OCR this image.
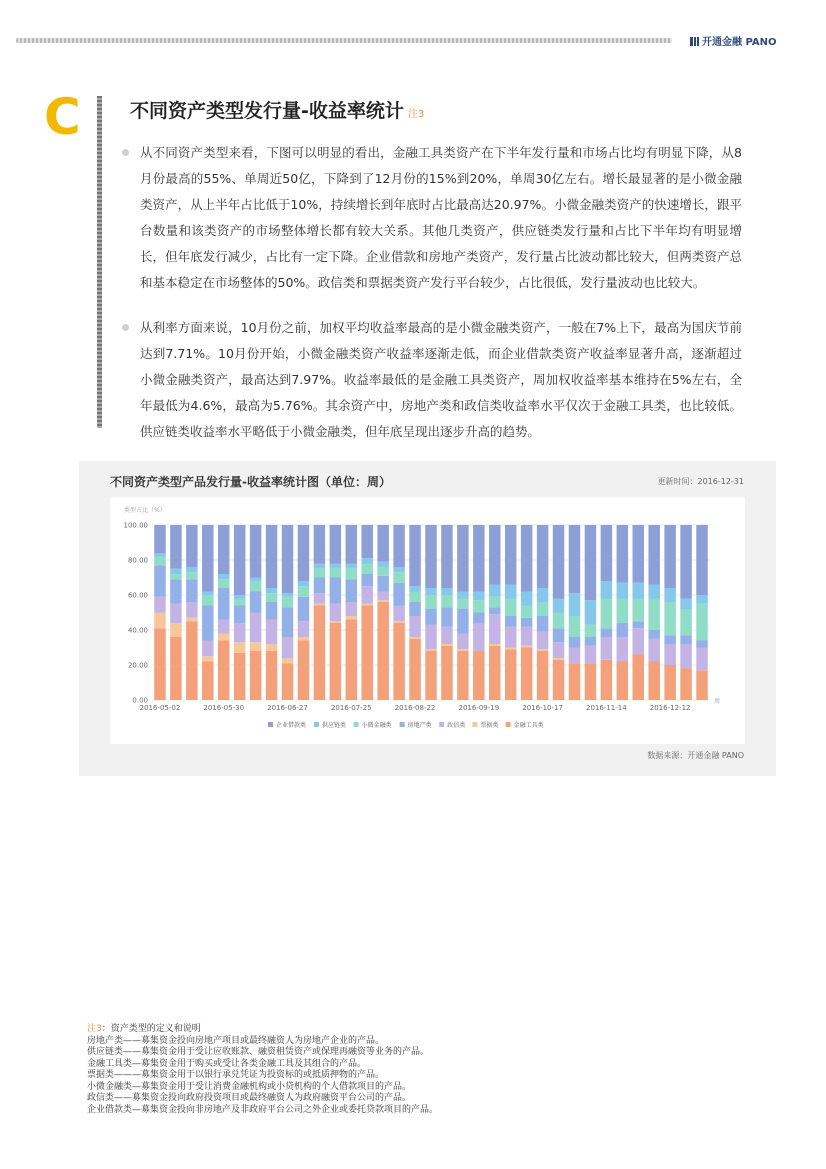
开通金融 PANO
C	不同资产类型发行量-收益率统计 注3
从不同资产类型来看，下图可以明显的看出，金融工具类资产在下半年发行量和市场占比均有明显下降，从8月份最高的55%、单周近50亿，下降到了12月份的15%到20%，单周30亿左右。增长最显著的是小微金融类资产，从上半年占比低于10%，持续增长到年底时占比最高达20.97%。小微金融类资产的快速增长，跟平台数量和该类资产的市场整体增长都有较大关系。其他几类资产，供应链类发行量和占比下半年均有明显增长，但年底发行减少，占比有一定下降。企业借款和房地产类资产，发行量占比波动都比较大，但两类资产总和基本稳定在市场整体的50%。政信类和票据类资产发行平台较少，占比很低，发行量波动也比较大。
从利率方面来说，10月份之前，加权平均收益率最高的是小微金融类资产，一般在7%上下，最高为国庆节前达到7.71%。10月份开始，小微金融类资产收益率逐渐走低，而企业借款类资产收益率显著升高，逐渐超过小微金融类资产，最高达到7.97%。收益率最低的是金融工具类资产，周加权收益率基本维持在5%左右，全年最低为4.6%，最高为5.76%。其余资产中，房地产类和政信类收益率水平仅次于金融工具类，也比较低。供应链类收益率水平略低于小微金融类，但年底呈现出逐步升高的趋势。
不同资产类型产品发行量-收益率统计图（单位：周）	更新时间：2016-12-31
类型占比（%）
0.00
20.00
40.00
60.00
80.00
100.00
2016-05-02	2016-05-30	2016-06-27	2016-07-25	2016-08-22	2016-09-19	2016-10-17	2016-11-14	2016-12-12
周
企业借款类	供应链类	小微金融类	房地产类	政信类	票据类	金融工具类
数据来源：开通金融 PANO
注3：资产类型的定义和说明
房地产类——募集资金投向房地产项目或最终融资人为房地产企业的产品。
供应链类——募集资金用于受让应收账款、融资租赁资产或保理再融资等业务的产品。
金融工具类—募集资金用于购买或受让各类金融工具及其组合的产品。
票据类———募集资金用于以银行承兑凭证为投资标的或抵质押物的产品。
小微金融类—募集资金用于受让消费金融机构或小贷机构的个人借款项目的产品。
政信类——募集资金投向政府投资项目或最终融资人为政府融资平台公司的产品。
企业借款类—募集资金投向非房地产及非政府平台公司之外企业或委托贷款项目的产品。
